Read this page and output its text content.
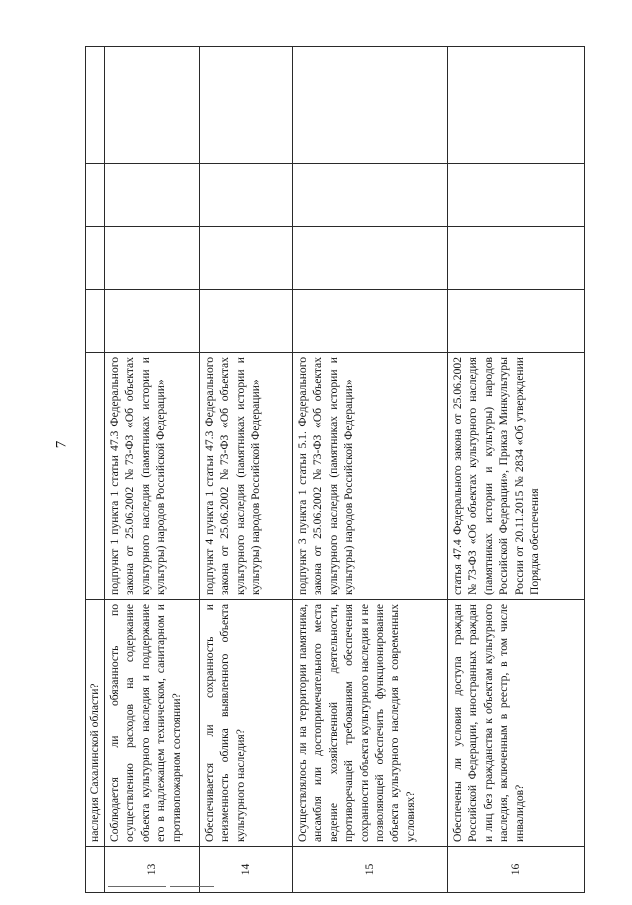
7
	наследия Сахалинской области?					
13	Соблюдается ли обязанность по осуществлению расходов на содержание объекта культурного наследия и поддержание его в надлежащем техническом, санитарном и противопожарном состоянии?	подпункт 1 пункта 1 статьи 47.3 Федерального закона от 25.06.2002 №73-ФЗ «Об объектах культурного наследия (памятниках истории и культуры) народов Российской Федерации»				
14	Обеспечивается ли сохранность и неизменность облика выявленного объекта культурного наследия?	подпункт 4 пункта 1 статьи 47.3 Федерального закона от 25.06.2002 №73-ФЗ «Об объектах культурного наследия (памятниках истории и культуры) народов Российской Федерации»				
15	Осуществлялось ли на территории памятника, ансамбля или достопримечательного места ведение хозяйственной деятельности, противоречащей требованиям обеспечения сохранности объекта культурного наследия и не позволяющей обеспечить функционирование объекта культурного наследия в современных условиях?	подпункт 3 пункта 1 статьи 5.1. Федерального закона от 25.06.2002 №73-ФЗ «Об объектах культурного наследия (памятниках истории и культуры) народов Российской Федерации»				
16	Обеспечены ли условия доступа граждан Российской Федерации, иностранных граждан и лиц без гражданства к объектам культурного наследия, включенным в реестр, в том числе инвалидов?	статья 47.4 Федерального закона от 25.06.2002 №73-ФЗ «Об объектах культурного наследия (памятниках истории и культуры) народов Российской Федерации», Приказ Минкультуры России от 20.11.2015 № 2834 «Об утверждении Порядка обеспечения				
